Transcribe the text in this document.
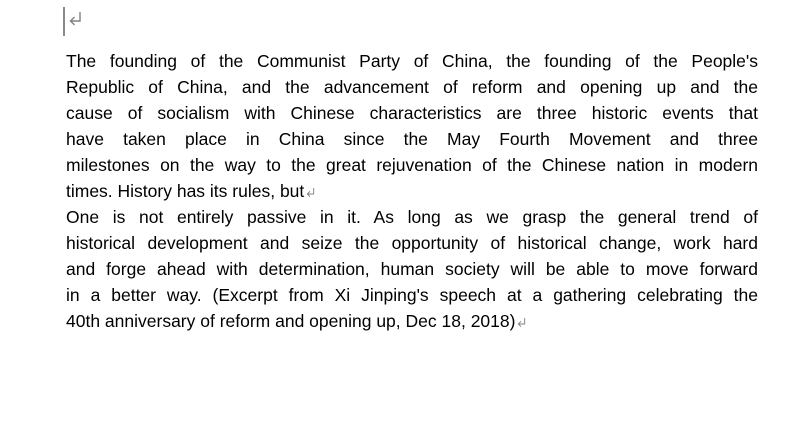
The founding of the Communist Party of China, the founding of the People's
Republic of China, and the advancement of reform and opening up and the
cause of socialism with Chinese characteristics are three historic events that
have taken place in China since the May Fourth Movement and three
milestones on the way to the great rejuvenation of the Chinese nation in modern
times. History has its rules, but
One is not entirely passive in it. As long as we grasp the general trend of
historical development and seize the opportunity of historical change, work hard
and forge ahead with determination, human society will be able to move forward
in a better way. (Excerpt from Xi Jinping's speech at a gathering celebrating the
40th anniversary of reform and opening up, Dec 18, 2018)
